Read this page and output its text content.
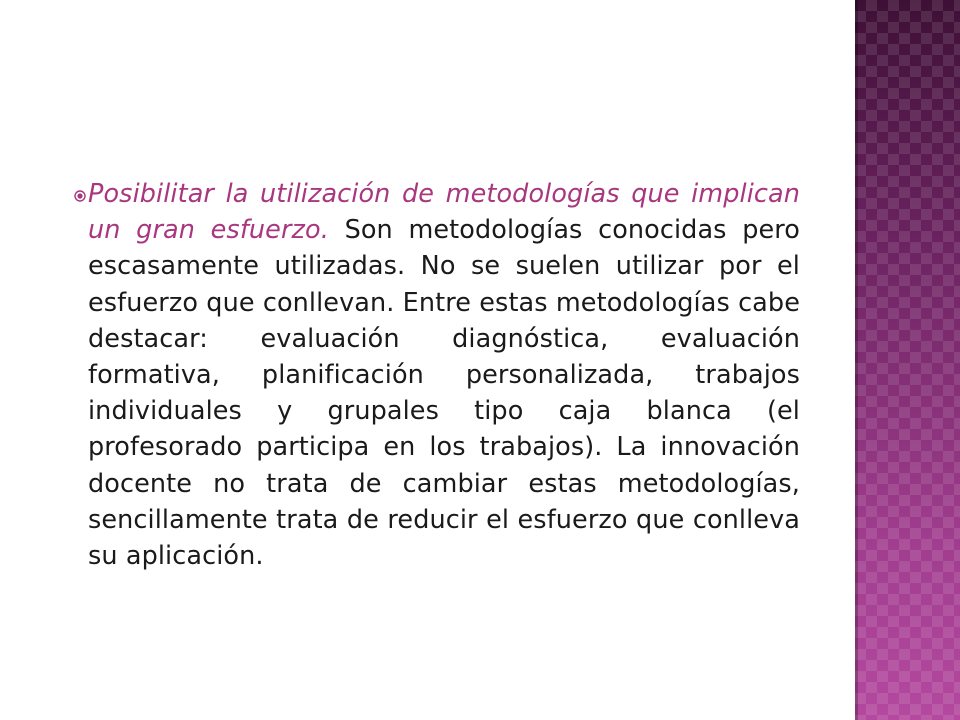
Posibilitar la utilización de metodologías que implican un gran esfuerzo. Son metodologías conocidas pero escasamente utilizadas. No se suelen utilizar por el esfuerzo que conllevan. Entre estas metodologías cabe destacar: evaluación diagnóstica, evaluación formativa, planificación personalizada, trabajos individuales y grupales tipo caja blanca (el profesorado participa en los trabajos). La innovación docente no trata de cambiar estas metodologías, sencillamente trata de reducir el esfuerzo que conlleva su aplicación.
